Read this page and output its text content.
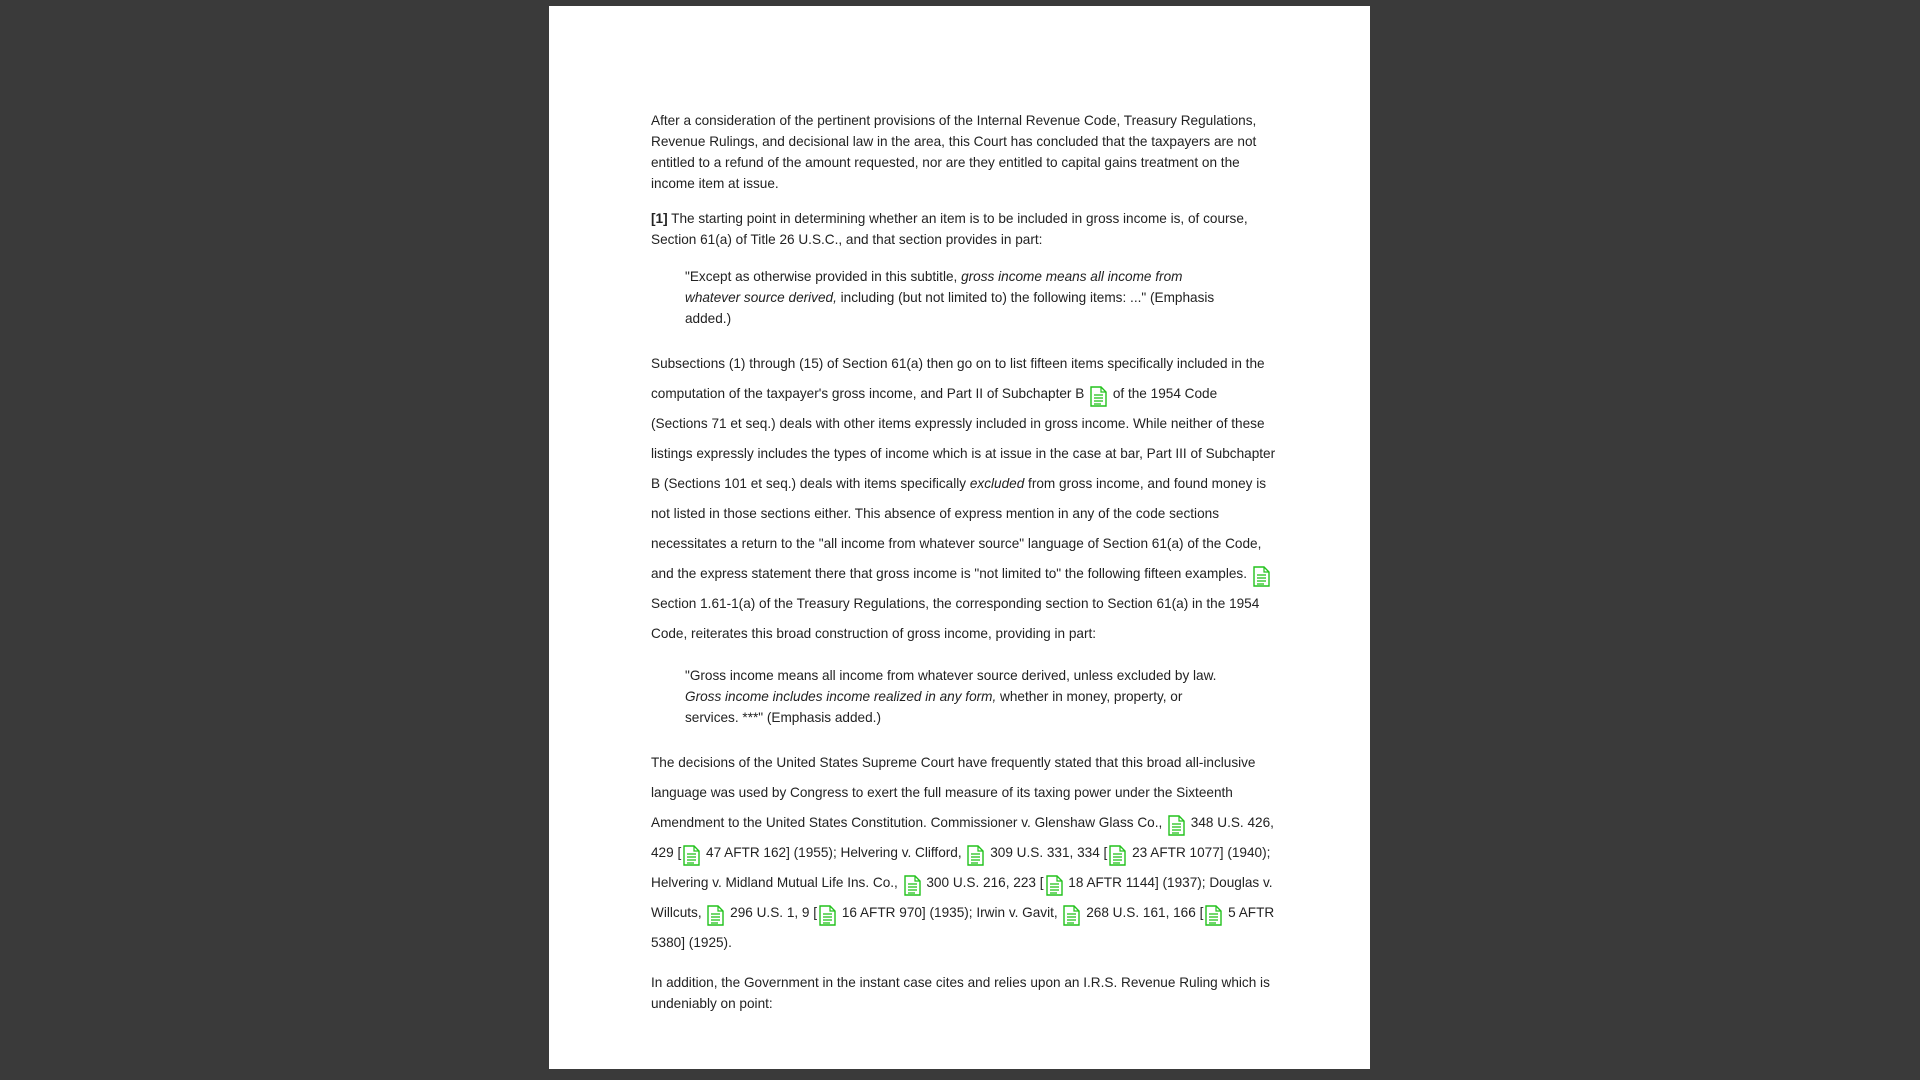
After a consideration of the pertinent provisions of the Internal Revenue Code, Treasury Regulations, Revenue Rulings, and decisional law in the area, this Court has concluded that the taxpayers are not entitled to a refund of the amount requested, nor are they entitled to capital gains treatment on the income item at issue.

[1] The starting point in determining whether an item is to be included in gross income is, of course, Section 61(a) of Title 26 U.S.C., and that section provides in part:

"Except as otherwise provided in this subtitle, gross income means all income from whatever source derived, including (but not limited to) the following items: ..." (Emphasis added.)

Subsections (1) through (15) of Section 61(a) then go on to list fifteen items specifically included in the computation of the taxpayer's gross income, and Part II of Subchapter B
of the 1954 Code (Sections 71 et seq.) deals with other items expressly included in gross income. While neither of these listings expressly includes the types of income which is at issue in the case at bar, Part III of Subchapter B (Sections 101 et seq.) deals with items specifically excluded from gross income, and found money is not listed in those sections either. This absence of express mention in any of the code sections necessitates a return to the "all income from whatever source" language of Section 61(a) of the Code, and the express statement there that gross income is "not limited to" the following fifteen examples.
Section 1.61-1(a) of the Treasury Regulations, the corresponding section to Section 61(a) in the 1954 Code, reiterates this broad construction of gross income, providing in part:

"Gross income means all income from whatever source derived, unless excluded by law. Gross income includes income realized in any form, whether in money, property, or services. ***" (Emphasis added.)

The decisions of the United States Supreme Court have frequently stated that this broad all-inclusive language was used by Congress to exert the full measure of its taxing power under the Sixteenth Amendment to the United States Constitution. Commissioner v. Glenshaw Glass Co.,
348 U.S. 426, 429 [
47 AFTR 162] (1955); Helvering v. Clifford,
309 U.S. 331, 334 [
23 AFTR 1077] (1940); Helvering v. Midland Mutual Life Ins. Co.,
300 U.S. 216, 223 [
18 AFTR 1144] (1937); Douglas v. Willcuts,
296 U.S. 1, 9 [
16 AFTR 970] (1935); Irwin v. Gavit,
268 U.S. 161, 166 [
5 AFTR 5380] (1925).

In addition, the Government in the instant case cites and relies upon an I.R.S. Revenue Ruling which is undeniably on point:
